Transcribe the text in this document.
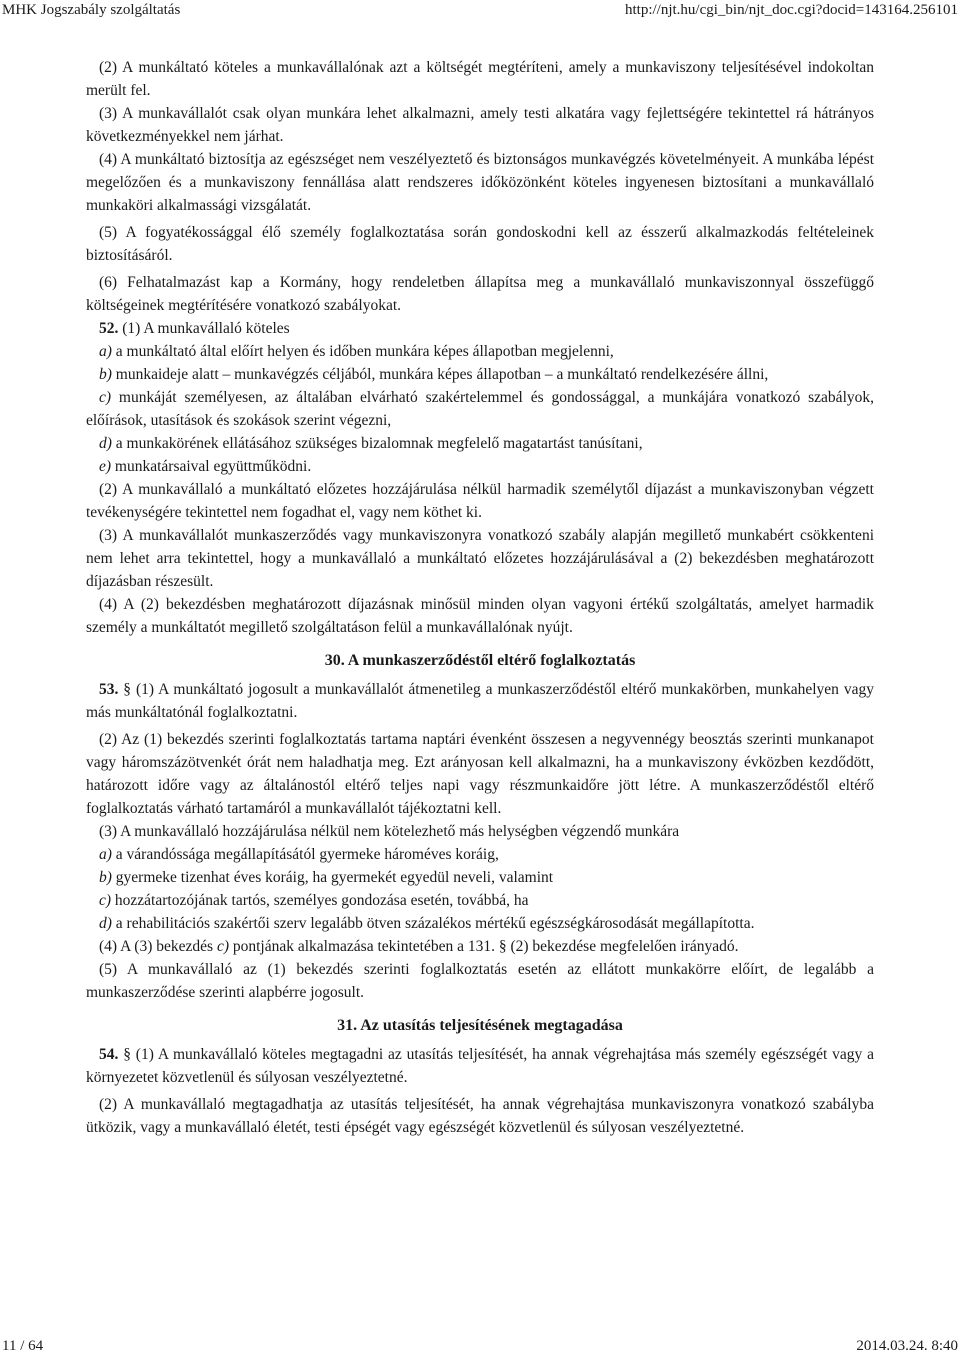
MHK Jogszabály szolgáltatás	http://njt.hu/cgi_bin/njt_doc.cgi?docid=143164.256101

(2) A munkáltató köteles a munkavállalónak azt a költségét megtéríteni, amely a munkaviszony teljesítésével indokoltan merült fel.

(3) A munkavállalót csak olyan munkára lehet alkalmazni, amely testi alkatára vagy fejlettségére tekintettel rá hátrányos következményekkel nem járhat.

(4) A munkáltató biztosítja az egészséget nem veszélyeztető és biztonságos munkavégzés követelményeit. A munkába lépést megelőzően és a munkaviszony fennállása alatt rendszeres időközönként köteles ingyenesen biztosítani a munkavállaló munkaköri alkalmassági vizsgálatát.

(5) A fogyatékossággal élő személy foglalkoztatása során gondoskodni kell az ésszerű alkalmazkodás feltételeinek biztosításáról.

(6) Felhatalmazást kap a Kormány, hogy rendeletben állapítsa meg a munkavállaló munkaviszonnyal összefüggő költségeinek megtérítésére vonatkozó szabályokat.

52. (1) A munkavállaló köteles

a) a munkáltató által előírt helyen és időben munkára képes állapotban megjelenni,

b) munkaideje alatt – munkavégzés céljából, munkára képes állapotban – a munkáltató rendelkezésére állni,

c) munkáját személyesen, az általában elvárható szakértelemmel és gondossággal, a munkájára vonatkozó szabályok, előírások, utasítások és szokások szerint végezni,

d) a munkakörének ellátásához szükséges bizalomnak megfelelő magatartást tanúsítani,

e) munkatársaival együttműködni.

(2) A munkavállaló a munkáltató előzetes hozzájárulása nélkül harmadik személytől díjazást a munkaviszonyban végzett tevékenységére tekintettel nem fogadhat el, vagy nem köthet ki.

(3) A munkavállalót munkaszerződés vagy munkaviszonyra vonatkozó szabály alapján megillető munkabért csökkenteni nem lehet arra tekintettel, hogy a munkavállaló a munkáltató előzetes hozzájárulásával a (2) bekezdésben meghatározott díjazásban részesült.

(4) A (2) bekezdésben meghatározott díjazásnak minősül minden olyan vagyoni értékű szolgáltatás, amelyet harmadik személy a munkáltatót megillető szolgáltatáson felül a munkavállalónak nyújt.

30. A munkaszerződéstől eltérő foglalkoztatás

53. § (1) A munkáltató jogosult a munkavállalót átmenetileg a munkaszerződéstől eltérő munkakörben, munkahelyen vagy más munkáltatónál foglalkoztatni.

(2) Az (1) bekezdés szerinti foglalkoztatás tartama naptári évenként összesen a negyvennégy beosztás szerinti munkanapot vagy háromszázötvenkét órát nem haladhatja meg. Ezt arányosan kell alkalmazni, ha a munkaviszony évközben kezdődött, határozott időre vagy az általánostól eltérő teljes napi vagy részmunkaidőre jött létre. A munkaszerződéstől eltérő foglalkoztatás várható tartamáról a munkavállalót tájékoztatni kell.

(3) A munkavállaló hozzájárulása nélkül nem kötelezhető más helységben végzendő munkára

a) a várandóssága megállapításától gyermeke hároméves koráig,

b) gyermeke tizenhat éves koráig, ha gyermekét egyedül neveli, valamint

c) hozzátartozójának tartós, személyes gondozása esetén, továbbá, ha

d) a rehabilitációs szakértői szerv legalább ötven százalékos mértékű egészségkárosodását megállapította.

(4) A (3) bekezdés c) pontjának alkalmazása tekintetében a 131. § (2) bekezdése megfelelően irányadó.

(5) A munkavállaló az (1) bekezdés szerinti foglalkoztatás esetén az ellátott munkakörre előírt, de legalább a munkaszerződése szerinti alapbérre jogosult.

31. Az utasítás teljesítésének megtagadása

54. § (1) A munkavállaló köteles megtagadni az utasítás teljesítését, ha annak végrehajtása más személy egészségét vagy a környezetet közvetlenül és súlyosan veszélyeztetné.

(2) A munkavállaló megtagadhatja az utasítás teljesítését, ha annak végrehajtása munkaviszonyra vonatkozó szabályba ütközik, vagy a munkavállaló életét, testi épségét vagy egészségét közvetlenül és súlyosan veszélyeztetné.

11 / 64	2014.03.24. 8:40
